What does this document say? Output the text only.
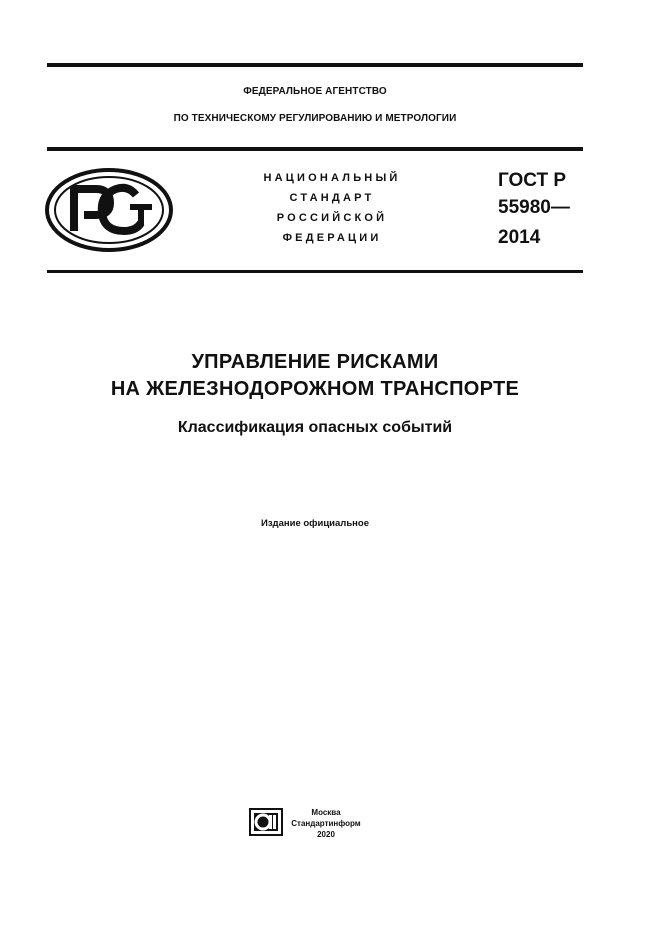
ФЕДЕРАЛЬНОЕ АГЕНТСТВО
ПО ТЕХНИЧЕСКОМУ РЕГУЛИРОВАНИЮ И МЕТРОЛОГИИ
НАЦИОНАЛЬНЫЙ
СТАНДАРТ
РОССИЙСКОЙ
ФЕДЕРАЦИИ
ГОСТ Р
55980—
2014
УПРАВЛЕНИЕ РИСКАМИ
НА ЖЕЛЕЗНОДОРОЖНОМ ТРАНСПОРТЕ
Классификация опасных событий
Издание официальное
Москва
Стандартинформ
2020
